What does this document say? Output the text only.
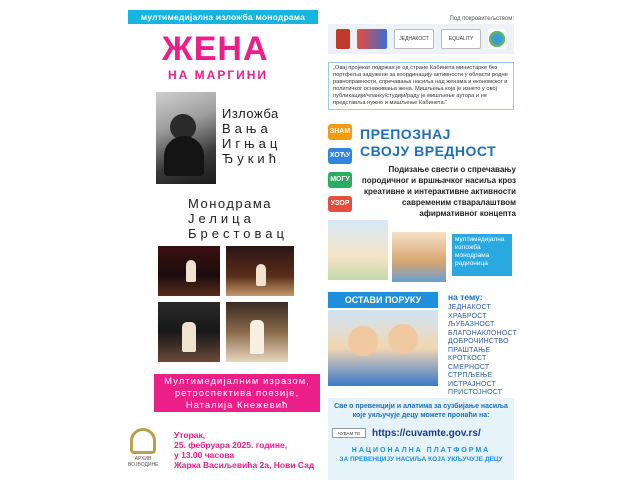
мултимедијална изложба монодрама
ЖЕНА
НА МАРГИНИ
Изложба
Вања
Игњац
Ђукић
Монодрама
Јелица
Брестовац
Мултимедијалним изразом, ретроспектива поезије, Наталија Кнежевић Ивановић
АРХИВ ВОЈВОДИНЕ
Уторак,
25. фебруара 2025. године,
у 13.00 часова
Жарка Васиљевића 2а, Нови Сад
Под покровитељством:
ЈЕДНАКОСТ	EQUALITY
„Овај пројекат подржан је од стране Кабинета министарке без портфеља задужене за координацију активности у области родне равноправности, спречавања насиља над женама и економског и политичког оснаживања жена. Мишљења која је изнето у овој публикацији/чланку/студији/раду је мишљење аутора и не представља нужно и мишљење Кабинета.”
ЗНАМ
ХОЋУ
МОГУ
УЗОР
ПРЕПОЗНАЈ
СВОЈУ ВРЕДНОСТ
Подизање свести о спречавању породичног и вршњачког насиља кроз креативне и интерактивне активности савременим стваралаштвом афирмативног концепта
мултимедијална изложба монодрама радионица
ОСТАВИ ПОРУКУ	на тему:
ЈЕДНАКОСТ
ХРАБРОСТ
ЉУБАЗНОСТ
БЛАГОНАКЛОНОСТ
ДОБРОЧИНСТВО
ПРАШТАЊЕ
КРОТКОСТ
СМЕРНОСТ
СТРПЉЕЊЕ
ИСТРАЈНОСТ
ПРИСТОЈНОСТ
Све о превенцији и алатима за сузбијање насиља које укључује децу можете пронаћи на:
ЧУВАМ ТЕ	https://cuvamte.gov.rs/
НАЦИОНАЛНА ПЛАТФОРМА
ЗА ПРЕВЕНЦИЈУ НАСИЉА КОЈА УКЉУЧУЈЕ ДЕЦУ
